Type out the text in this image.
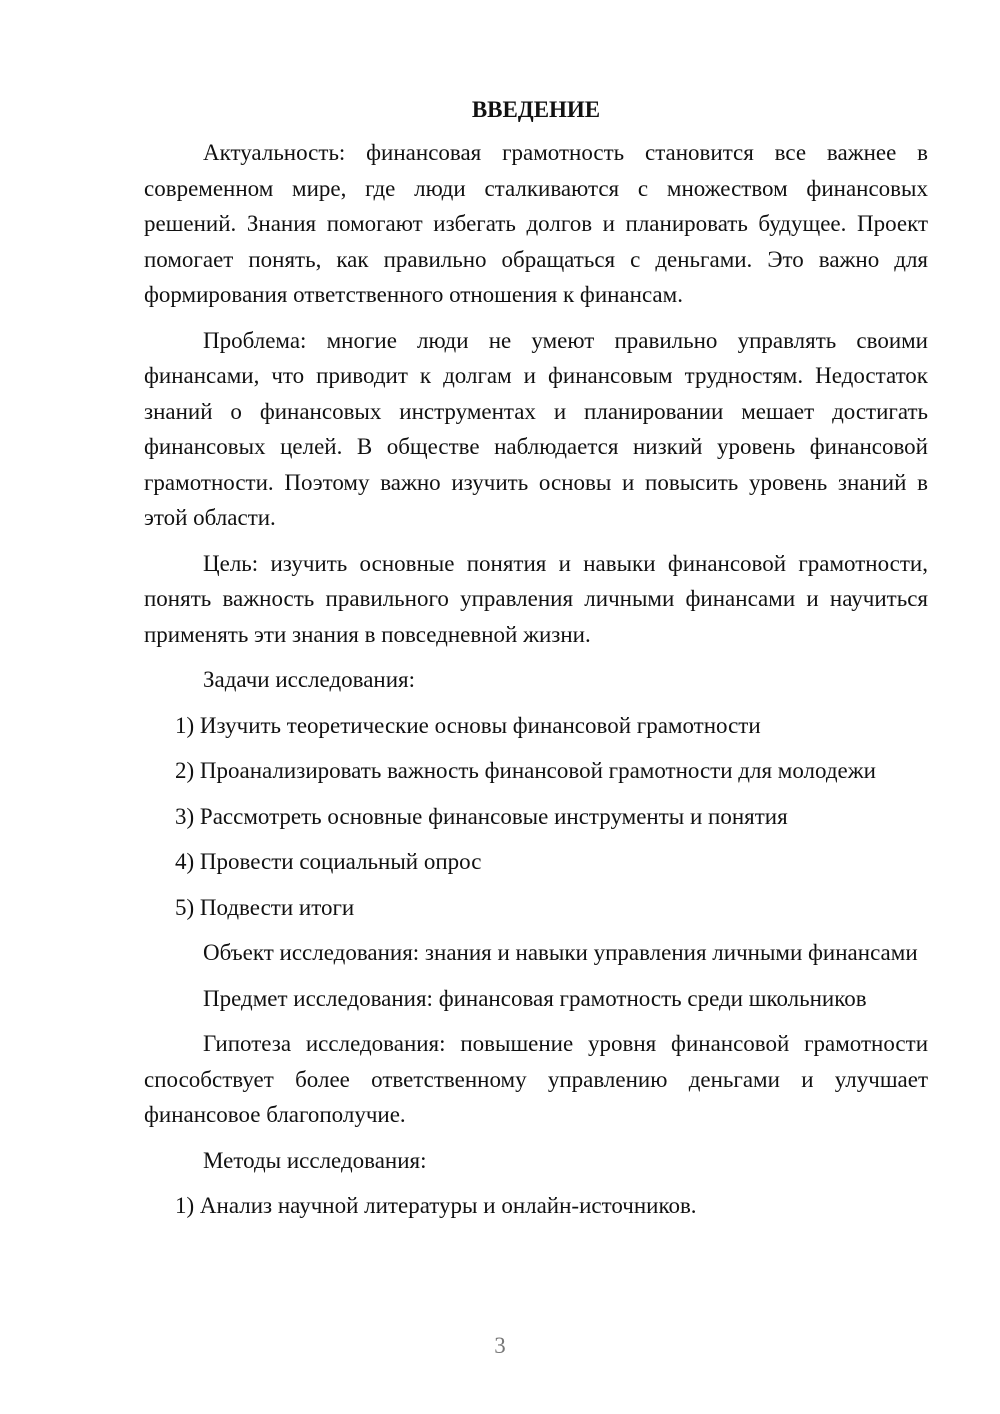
ВВЕДЕНИЕ

Актуальность: финансовая грамотность становится все важнее в современном мире, где люди сталкиваются с множеством финансовых решений. Знания помогают избегать долгов и планировать будущее. Проект помогает понять, как правильно обращаться с деньгами. Это важно для формирования ответственного отношения к финансам.

Проблема: многие люди не умеют правильно управлять своими финансами, что приводит к долгам и финансовым трудностям. Недостаток знаний о финансовых инструментах и планировании мешает достигать финансовых целей. В обществе наблюдается низкий уровень финансовой грамотности. Поэтому важно изучить основы и повысить уровень знаний в этой области.

Цель: изучить основные понятия и навыки финансовой грамотности, понять важность правильного управления личными финансами и научиться применять эти знания в повседневной жизни.

Задачи исследования:

1) Изучить теоретические основы финансовой грамотности

2) Проанализировать важность финансовой грамотности для молодежи

3) Рассмотреть основные финансовые инструменты и понятия

4) Провести социальный опрос

5) Подвести итоги

Объект исследования: знания и навыки управления личными финансами

Предмет исследования: финансовая грамотность среди школьников

Гипотеза исследования: повышение уровня финансовой грамотности способствует более ответственному управлению деньгами и улучшает финансовое благополучие.

Методы исследования:

1) Анализ научной литературы и онлайн-источников.

3
